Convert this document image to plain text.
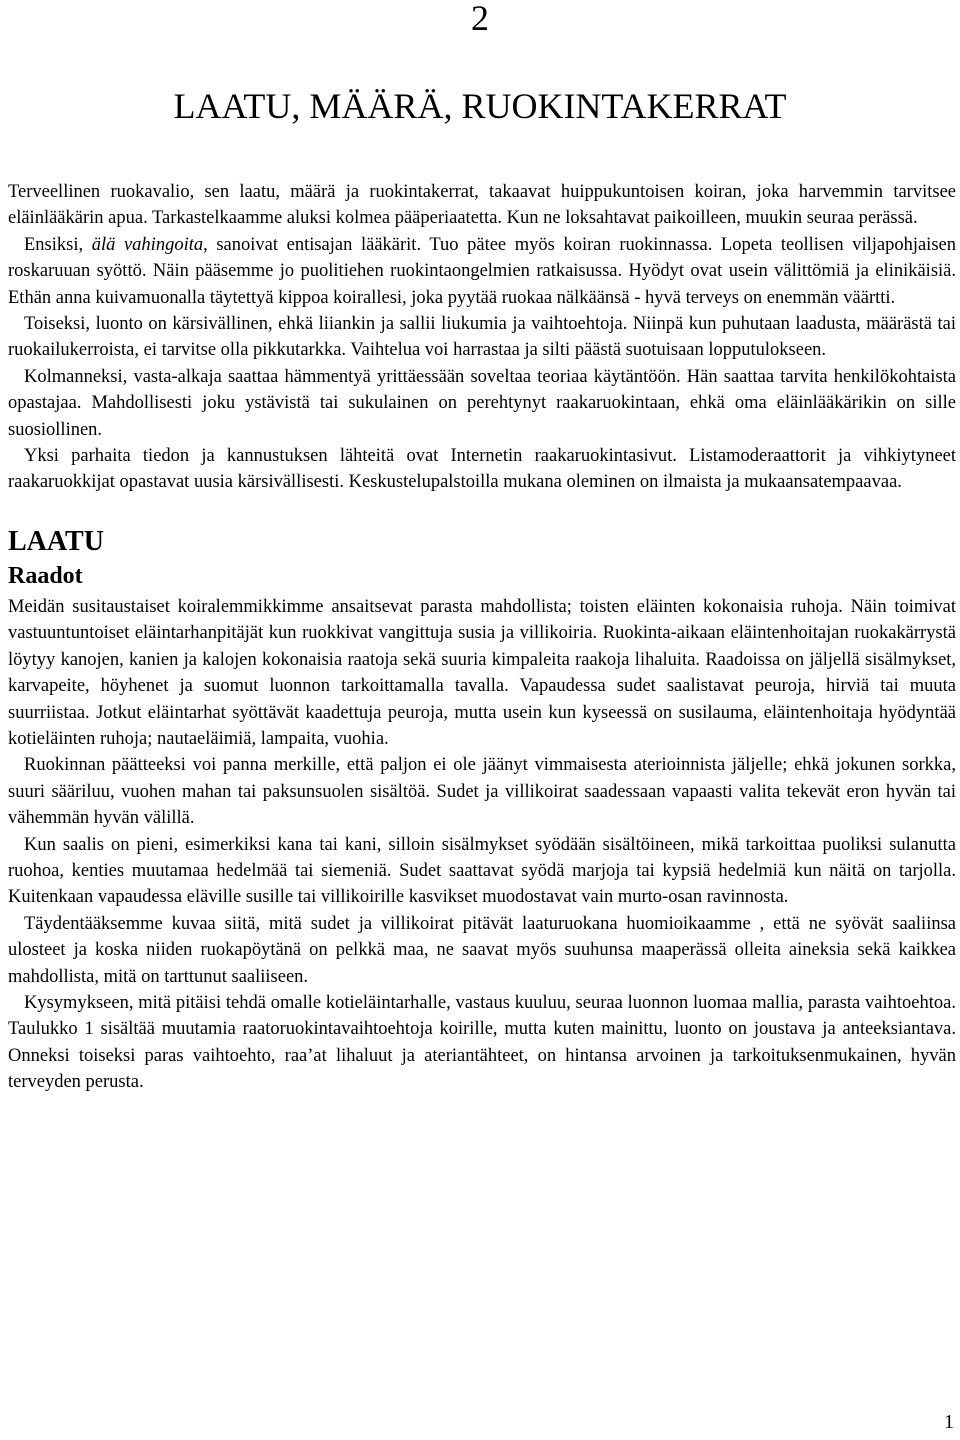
2
LAATU, MÄÄRÄ, RUOKINTAKERRAT

Terveellinen ruokavalio, sen laatu, määrä ja ruokintakerrat, takaavat huippukuntoisen koiran, joka harvemmin tarvitsee eläinlääkärin apua. Tarkastelkaamme aluksi kolmea pääperiaatetta. Kun ne loksahtavat paikoilleen, muukin seuraa perässä.

Ensiksi, älä vahingoita, sanoivat entisajan lääkärit. Tuo pätee myös koiran ruokinnassa. Lopeta teollisen viljapohjaisen roskaruuan syöttö. Näin pääsemme jo puolitiehen ruokintaongelmien ratkaisussa. Hyödyt ovat usein välittömiä ja elinikäisiä. Ethän anna kuivamuonalla täytettyä kippoa koirallesi, joka pyytää ruokaa nälkäänsä - hyvä terveys on enemmän väärtti.

Toiseksi, luonto on kärsivällinen, ehkä liiankin ja sallii liukumia ja vaihtoehtoja. Niinpä kun puhutaan laadusta, määrästä tai ruokailukerroista, ei tarvitse olla pikkutarkka. Vaihtelua voi harrastaa ja silti päästä suotuisaan lopputulokseen.

Kolmanneksi, vasta-alkaja saattaa hämmentyä yrittäessään soveltaa teoriaa käytäntöön. Hän saattaa tarvita henkilökohtaista opastajaa. Mahdollisesti joku ystävistä tai sukulainen on perehtynyt raakaruokintaan, ehkä oma eläinlääkärikin on sille suosiollinen.

Yksi parhaita tiedon ja kannustuksen lähteitä ovat Internetin raakaruokintasivut. Listamoderaattorit ja vihkiytyneet raakaruokkijat opastavat uusia kärsivällisesti. Keskustelupalstoilla mukana oleminen on ilmaista ja mukaansatempaavaa.

LAATU
Raadot

Meidän susitaustaiset koiralemmikkimme ansaitsevat parasta mahdollista; toisten eläinten kokonaisia ruhoja. Näin toimivat vastuuntuntoiset eläintarhanpitäjät kun ruokkivat vangittuja susia ja villikoiria. Ruokinta-aikaan eläintenhoitajan ruokakärrystä löytyy kanojen, kanien ja kalojen kokonaisia raatoja sekä suuria kimpaleita raakoja lihaluita. Raadoissa on jäljellä sisälmykset, karvapeite, höyhenet ja suomut luonnon tarkoittamalla tavalla. Vapaudessa sudet saalistavat peuroja, hirviä tai muuta suurriistaa. Jotkut eläintarhat syöttävät kaadettuja peuroja, mutta usein kun kyseessä on susilauma, eläintenhoitaja hyödyntää kotieläinten ruhoja; nautaeläimiä, lampaita, vuohia.

Ruokinnan päätteeksi voi panna merkille, että paljon ei ole jäänyt vimmaisesta aterioinnista jäljelle; ehkä jokunen sorkka, suuri sääriluu, vuohen mahan tai paksunsuolen sisältöä. Sudet ja villikoirat saadessaan vapaasti valita tekevät eron hyvän tai vähemmän hyvän välillä.

Kun saalis on pieni, esimerkiksi kana tai kani, silloin sisälmykset syödään sisältöineen, mikä tarkoittaa puoliksi sulanutta ruohoa, kenties muutamaa hedelmää tai siemeniä. Sudet saattavat syödä marjoja tai kypsiä hedelmiä kun näitä on tarjolla. Kuitenkaan vapaudessa eläville susille tai villikoirille kasvikset muodostavat vain murto-osan ravinnosta.

Täydentääksemme kuvaa siitä, mitä sudet ja villikoirat pitävät laaturuokana huomioikaamme , että ne syövät saaliinsa ulosteet ja koska niiden ruokapöytänä on pelkkä maa, ne saavat myös suuhunsa maaperässä olleita aineksia sekä kaikkea mahdollista, mitä on tarttunut saaliiseen.

Kysymykseen, mitä pitäisi tehdä omalle kotieläintarhalle, vastaus kuuluu, seuraa luonnon luomaa mallia, parasta vaihtoehtoa. Taulukko 1 sisältää muutamia raatoruokintavaihtoehtoja koirille, mutta kuten mainittu, luonto on joustava ja anteeksiantava. Onneksi toiseksi paras vaihtoehto, raa’at lihaluut ja ateriantähteet, on hintansa arvoinen ja tarkoituksenmukainen, hyvän terveyden perusta.

1
